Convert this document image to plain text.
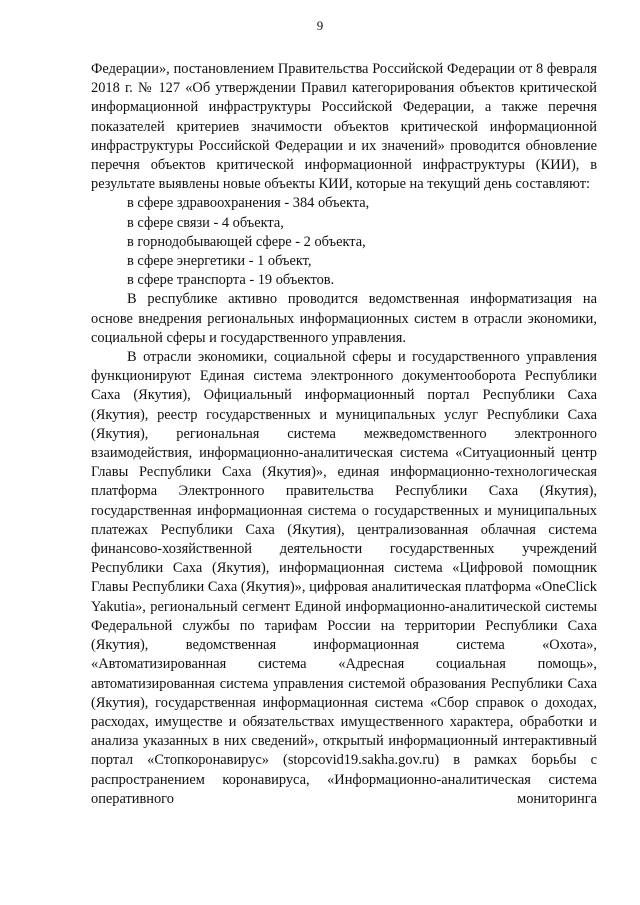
9

Федерации», постановлением Правительства Российской Федерации от 8 февраля 2018 г. № 127 «Об утверждении Правил категорирования объектов критической информационной инфраструктуры Российской Федерации, а также перечня показателей критериев значимости объектов критической информационной инфраструктуры Российской Федерации и их значений» проводится обновление перечня объектов критической информационной инфраструктуры (КИИ), в результате выявлены новые объекты КИИ, которые на текущий день составляют:

в сфере здравоохранения - 384 объекта,

в сфере связи - 4 объекта,

в горнодобывающей сфере - 2 объекта,

в сфере энергетики - 1 объект,

в сфере транспорта - 19 объектов.

В республике активно проводится ведомственная информатизация на основе внедрения региональных информационных систем в отрасли экономики, социальной сферы и государственного управления.

В отрасли экономики, социальной сферы и государственного управления функционируют Единая система электронного документооборота Республики Саха (Якутия), Официальный информационный портал Республики Саха (Якутия), реестр государственных и муниципальных услуг Республики Саха (Якутия), региональная система межведомственного электронного взаимодействия, информационно-аналитическая система «Ситуационный центр Главы Республики Саха (Якутия)», единая информационно-технологическая платформа Электронного правительства Республики Саха (Якутия), государственная информационная система о государственных и муниципальных платежах Республики Саха (Якутия), централизованная облачная система финансово-хозяйственной деятельности государственных учреждений Республики Саха (Якутия), информационная система «Цифровой помощник Главы Республики Саха (Якутия)», цифровая аналитическая платформа «OneClick Yakutia», региональный сегмент Единой информационно-аналитической системы Федеральной службы по тарифам России на территории Республики Саха (Якутия), ведомственная информационная система «Охота», «Автоматизированная система «Адресная социальная помощь», автоматизированная система управления системой образования Республики Саха (Якутия), государственная информационная система «Сбор справок о доходах, расходах, имуществе и обязательствах имущественного характера, обработки и анализа указанных в них сведений», открытый информационный интерактивный портал «Стопкоронавирус» (stopcovid19.sakha.gov.ru) в рамках борьбы с распространением коронавируса, «Информационно-аналитическая система оперативного мониторинга
